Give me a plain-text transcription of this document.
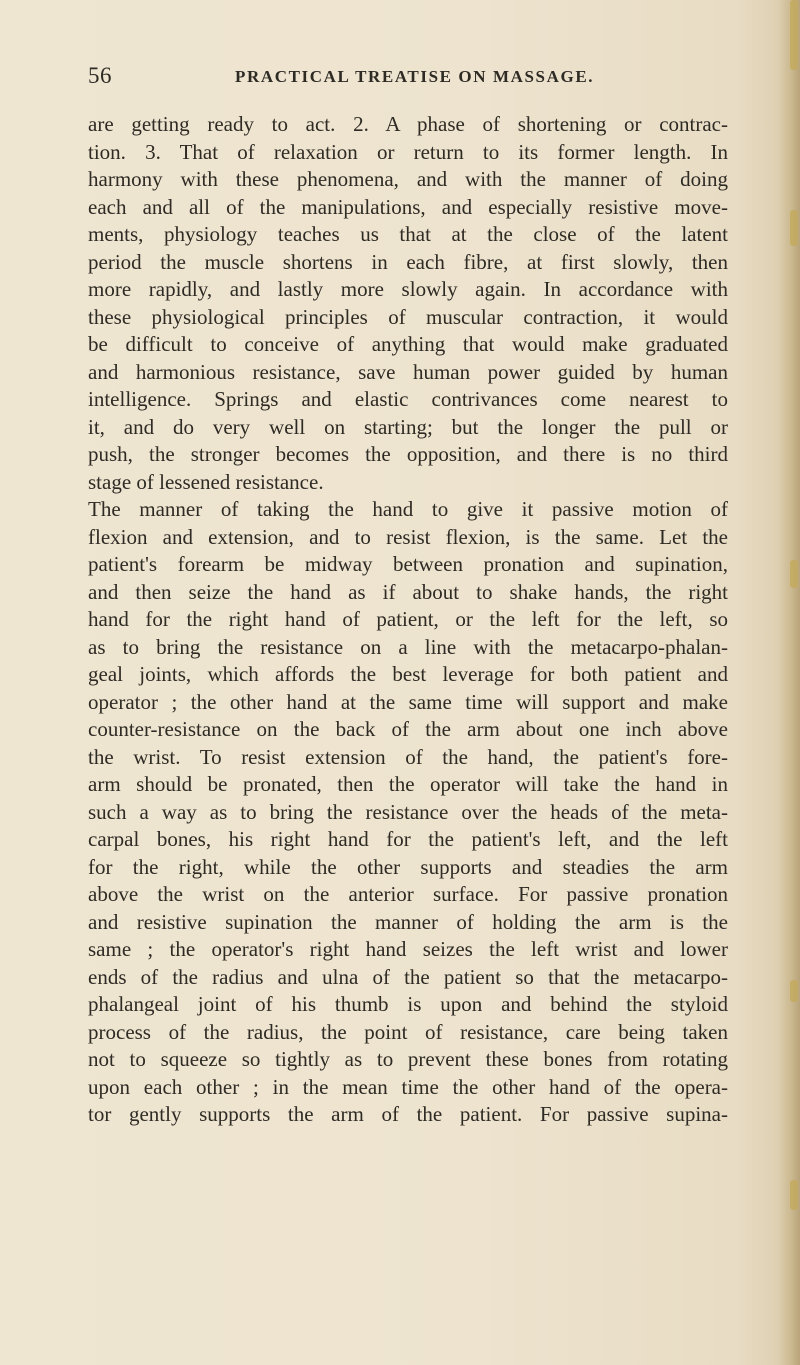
56	PRACTICAL TREATISE ON MASSAGE.
are getting ready to act. 2. A phase of shortening or contrac-
tion. 3. That of relaxation or return to its former length. In
harmony with these phenomena, and with the manner of doing
each and all of the manipulations, and especially resistive move-
ments, physiology teaches us that at the close of the latent
period the muscle shortens in each fibre, at first slowly, then
more rapidly, and lastly more slowly again. In accordance with
these physiological principles of muscular contraction, it would
be difficult to conceive of anything that would make graduated
and harmonious resistance, save human power guided by human
intelligence. Springs and elastic contrivances come nearest to
it, and do very well on starting; but the longer the pull or
push, the stronger becomes the opposition, and there is no third
stage of lessened resistance.
The manner of taking the hand to give it passive motion of
flexion and extension, and to resist flexion, is the same. Let the
patient's forearm be midway between pronation and supination,
and then seize the hand as if about to shake hands, the right
hand for the right hand of patient, or the left for the left, so
as to bring the resistance on a line with the metacarpo-phalan-
geal joints, which affords the best leverage for both patient and
operator ; the other hand at the same time will support and make
counter-resistance on the back of the arm about one inch above
the wrist. To resist extension of the hand, the patient's fore-
arm should be pronated, then the operator will take the hand in
such a way as to bring the resistance over the heads of the meta-
carpal bones, his right hand for the patient's left, and the left
for the right, while the other supports and steadies the arm
above the wrist on the anterior surface. For passive pronation
and resistive supination the manner of holding the arm is the
same ; the operator's right hand seizes the left wrist and lower
ends of the radius and ulna of the patient so that the metacarpo-
phalangeal joint of his thumb is upon and behind the styloid
process of the radius, the point of resistance, care being taken
not to squeeze so tightly as to prevent these bones from rotating
upon each other ; in the mean time the other hand of the opera-
tor gently supports the arm of the patient. For passive supina-
